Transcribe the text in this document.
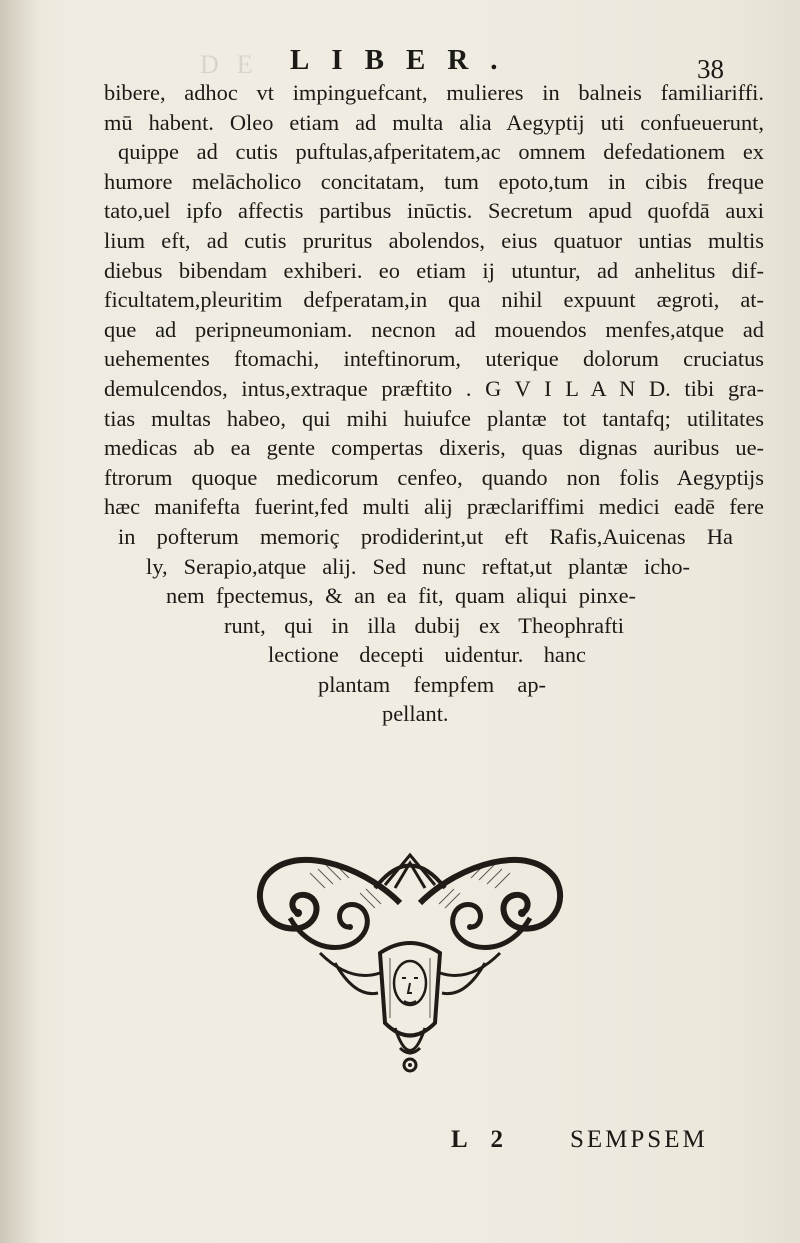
DE LIBER.	38
bibere, adhoc vt impinguefcant, mulieres in balneis familiariffi.
mū habent. Oleo etiam ad multa alia Aegyptij uti confueuerunt,
quippe ad cutis puftulas,afperitatem,ac omnem defedationem ex
humore melācholico concitatam, tum epoto,tum in cibis freque
tato,uel ipfo affectis partibus inūctis. Secretum apud quofdā auxi
lium eft, ad cutis pruritus abolendos, eius quatuor untias multis
diebus bibendam exhiberi. eo etiam ij utuntur, ad anhelitus dif-
ficultatem,pleuritim defperatam,in qua nihil expuunt ægroti, at-
que ad peripneumoniam. necnon ad mouendos menfes,atque ad
uehementes ftomachi, inteftinorum, uterique dolorum cruciatus
demulcendos, intus,extraque præftito . G V I L A N D. tibi gra-
tias multas habeo, qui mihi huiufce plantæ tot tantafq; utilitates
medicas ab ea gente compertas dixeris, quas dignas auribus ue-
ftrorum quoque medicorum cenfeo, quando non folis Aegyptijs
hæc manifefta fuerint,fed multi alij præclariffimi medici eadē fere
in pofterum memoriç prodiderint,ut eft Rafis,Auicenas Ha
ly, Serapio,atque alij. Sed nunc reftat,ut plantæ icho-
nem fpectemus, & an ea fit, quam aliqui pinxe-
runt, qui in illa dubij ex Theophrafti
lectione decepti uidentur. hanc
plantam fempfem ap-
pellant.
L 2	SEMPSEM
